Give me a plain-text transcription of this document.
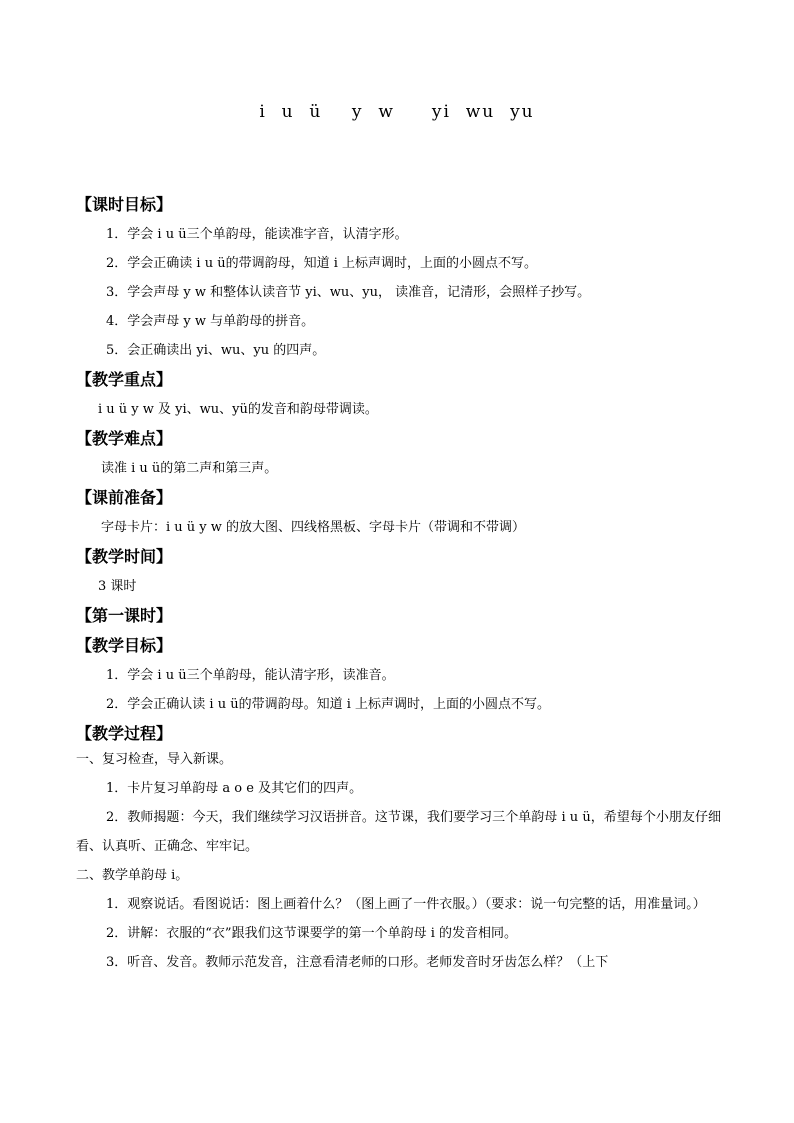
i  u  ü    y  w     yi  wu  yu
【课时目标】
1．学会 i u ü三个单韵母，能读准字音，认清字形。
2．学会正确读 i u ü的带调韵母，知道 i 上标声调时，上面的小圆点不写。
3．学会声母 y w 和整体认读音节 yi、wu、yu， 读准音，记清形，会照样子抄写。
4．学会声母 y w 与单韵母的拼音。
5．会正确读出 yi、wu、yu 的四声。
【教学重点】
i u ü y w 及 yi、wu、yü的发音和韵母带调读。
【教学难点】
读准 i u ü的第二声和第三声。
【课前准备】
字母卡片：i u ü y w 的放大图、四线格黑板、字母卡片（带调和不带调）
【教学时间】
3 课时
【第一课时】
【教学目标】
1．学会 i u ü三个单韵母，能认清字形，读准音。
2．学会正确认读 i u ü的带调韵母。知道 i 上标声调时，上面的小圆点不写。
【教学过程】
一、复习检查，导入新课。
1．卡片复习单韵母 a o e 及其它们的四声。
2．教师揭题：今天，我们继续学习汉语拼音。这节课，我们要学习三个单韵母 i u ü，希望每个小朋友仔细看、认真听、正确念、牢牢记。
二、教学单韵母 i。
1．观察说话。看图说话：图上画着什么？（图上画了一件衣服。）（要求：说一句完整的话，用准量词。）
2．讲解：衣服的“衣”跟我们这节课要学的第一个单韵母 i 的发音相同。
3．听音、发音。教师示范发音，注意看清老师的口形。老师发音时牙齿怎么样？（上下
